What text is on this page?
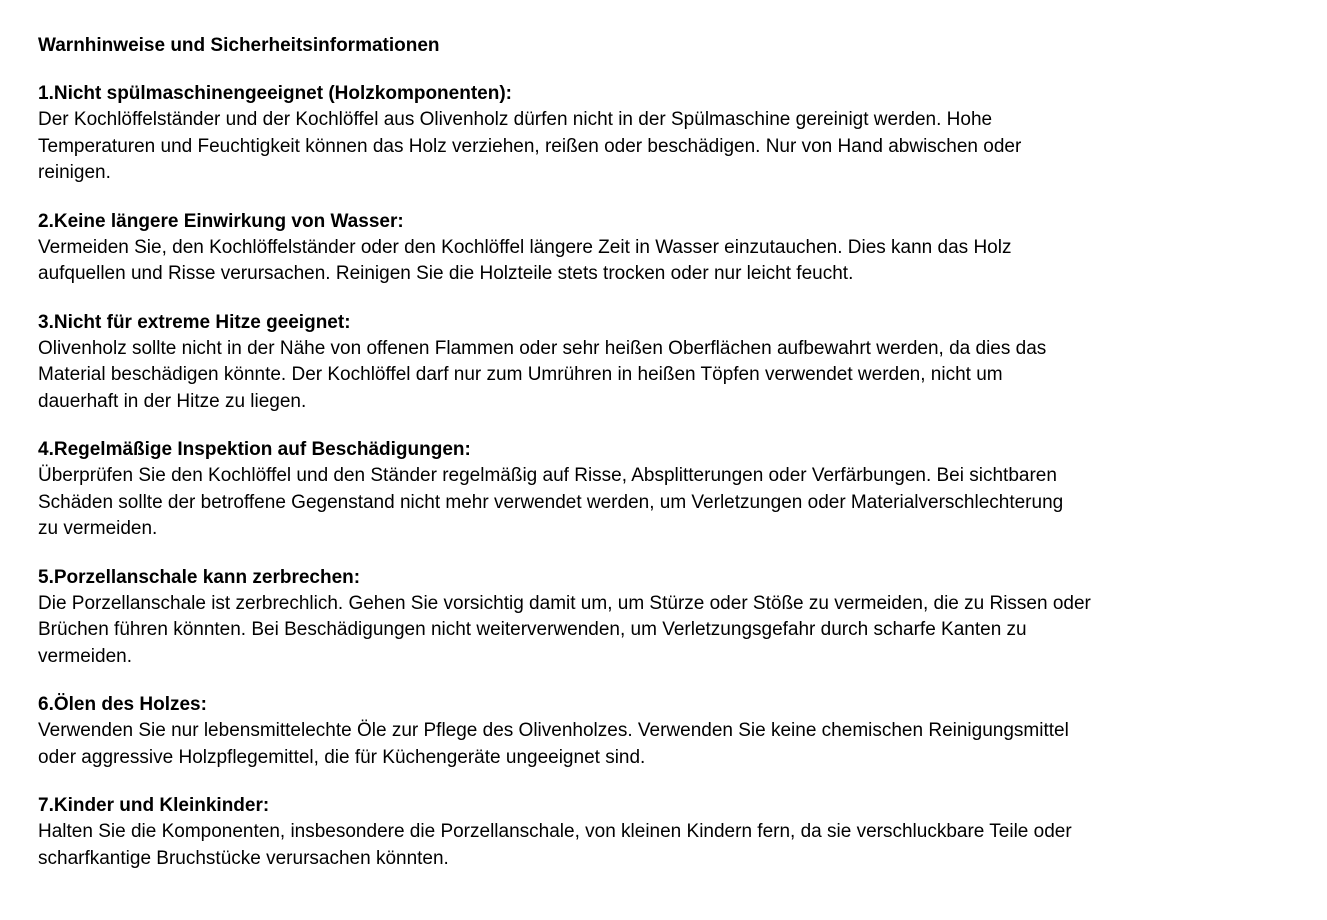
Warnhinweise und Sicherheitsinformationen
1.Nicht spülmaschinengeeignet (Holzkomponenten):
Der Kochlöffelständer und der Kochlöffel aus Olivenholz dürfen nicht in der Spülmaschine gereinigt werden. Hohe
Temperaturen und Feuchtigkeit können das Holz verziehen, reißen oder beschädigen. Nur von Hand abwischen oder
reinigen.
2.Keine längere Einwirkung von Wasser:
Vermeiden Sie, den Kochlöffelständer oder den Kochlöffel längere Zeit in Wasser einzutauchen. Dies kann das Holz
aufquellen und Risse verursachen. Reinigen Sie die Holzteile stets trocken oder nur leicht feucht.
3.Nicht für extreme Hitze geeignet:
Olivenholz sollte nicht in der Nähe von offenen Flammen oder sehr heißen Oberflächen aufbewahrt werden, da dies das
Material beschädigen könnte. Der Kochlöffel darf nur zum Umrühren in heißen Töpfen verwendet werden, nicht um
dauerhaft in der Hitze zu liegen.
4.Regelmäßige Inspektion auf Beschädigungen:
Überprüfen Sie den Kochlöffel und den Ständer regelmäßig auf Risse, Absplitterungen oder Verfärbungen. Bei sichtbaren
Schäden sollte der betroffene Gegenstand nicht mehr verwendet werden, um Verletzungen oder Materialverschlechterung
zu vermeiden.
5.Porzellanschale kann zerbrechen:
Die Porzellanschale ist zerbrechlich. Gehen Sie vorsichtig damit um, um Stürze oder Stöße zu vermeiden, die zu Rissen oder
Brüchen führen könnten. Bei Beschädigungen nicht weiterverwenden, um Verletzungsgefahr durch scharfe Kanten zu
vermeiden.
6.Ölen des Holzes:
Verwenden Sie nur lebensmittelechte Öle zur Pflege des Olivenholzes. Verwenden Sie keine chemischen Reinigungsmittel
oder aggressive Holzpflegemittel, die für Küchengeräte ungeeignet sind.
7.Kinder und Kleinkinder:
Halten Sie die Komponenten, insbesondere die Porzellanschale, von kleinen Kindern fern, da sie verschluckbare Teile oder
scharfkantige Bruchstücke verursachen könnten.
